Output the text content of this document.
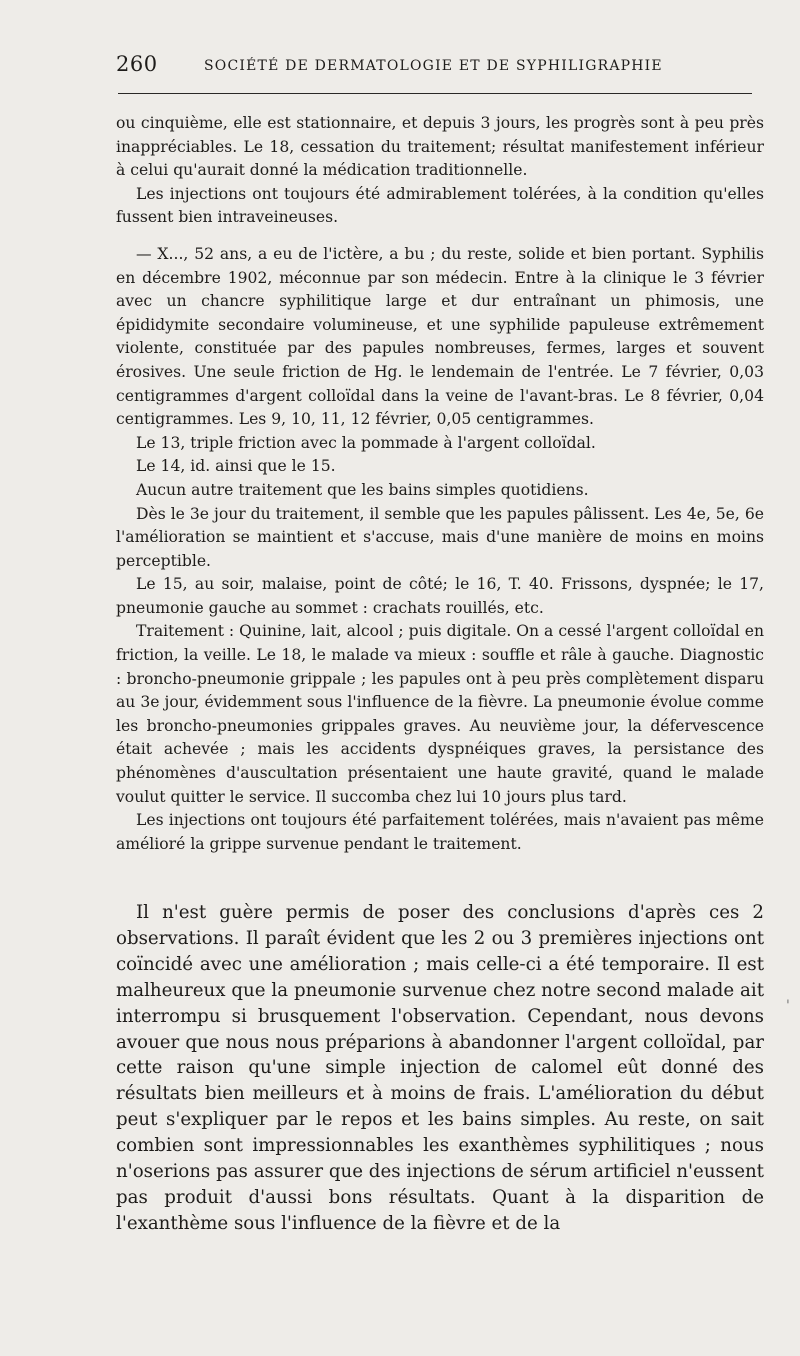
260	SOCIÉTÉ DE DERMATOLOGIE ET DE SYPHILIGRAPHIE

ou cinquième, elle est stationnaire, et depuis 3 jours, les progrès sont à peu près inappréciables. Le 18, cessation du traitement; résultat manifestement inférieur à celui qu'aurait donné la médication traditionnelle.

Les injections ont toujours été admirablement tolérées, à la condition qu'elles fussent bien intraveineuses.

— X..., 52 ans, a eu de l'ictère, a bu ; du reste, solide et bien portant. Syphilis en décembre 1902, méconnue par son médecin. Entre à la clinique le 3 février avec un chancre syphilitique large et dur entraînant un phimosis, une épididymite secondaire volumineuse, et une syphilide papuleuse extrêmement violente, constituée par des papules nombreuses, fermes, larges et souvent érosives. Une seule friction de Hg. le lendemain de l'entrée. Le 7 février, 0,03 centigrammes d'argent colloïdal dans la veine de l'avant-bras. Le 8 février, 0,04 centigrammes. Les 9, 10, 11, 12 février, 0,05 centigrammes.

Le 13, triple friction avec la pommade à l'argent colloïdal.

Le 14, id. ainsi que le 15.

Aucun autre traitement que les bains simples quotidiens.

Dès le 3e jour du traitement, il semble que les papules pâlissent. Les 4e, 5e, 6e l'amélioration se maintient et s'accuse, mais d'une manière de moins en moins perceptible.

Le 15, au soir, malaise, point de côté; le 16, T. 40. Frissons, dyspnée; le 17, pneumonie gauche au sommet : crachats rouillés, etc.

Traitement : Quinine, lait, alcool ; puis digitale. On a cessé l'argent colloïdal en friction, la veille. Le 18, le malade va mieux : souffle et râle à gauche. Diagnostic : broncho-pneumonie grippale ; les papules ont à peu près complètement disparu au 3e jour, évidemment sous l'influence de la fièvre. La pneumonie évolue comme les broncho-pneumonies grippales graves. Au neuvième jour, la défervescence était achevée ; mais les accidents dyspnéiques graves, la persistance des phénomènes d'auscultation présentaient une haute gravité, quand le malade voulut quitter le service. Il succomba chez lui 10 jours plus tard.

Les injections ont toujours été parfaitement tolérées, mais n'avaient pas même amélioré la grippe survenue pendant le traitement.

Il n'est guère permis de poser des conclusions d'après ces 2 observations. Il paraît évident que les 2 ou 3 premières injections ont coïncidé avec une amélioration ; mais celle-ci a été temporaire. Il est malheureux que la pneumonie survenue chez notre second malade ait interrompu si brusquement l'observation. Cependant, nous devons avouer que nous nous préparions à abandonner l'argent colloïdal, par cette raison qu'une simple injection de calomel eût donné des résultats bien meilleurs et à moins de frais. L'amélioration du début peut s'expliquer par le repos et les bains simples. Au reste, on sait combien sont impressionnables les exanthèmes syphilitiques ; nous n'oserions pas assurer que des injections de sérum artificiel n'eussent pas produit d'aussi bons résultats. Quant à la disparition de l'exanthème sous l'influence de la fièvre et de la

'
